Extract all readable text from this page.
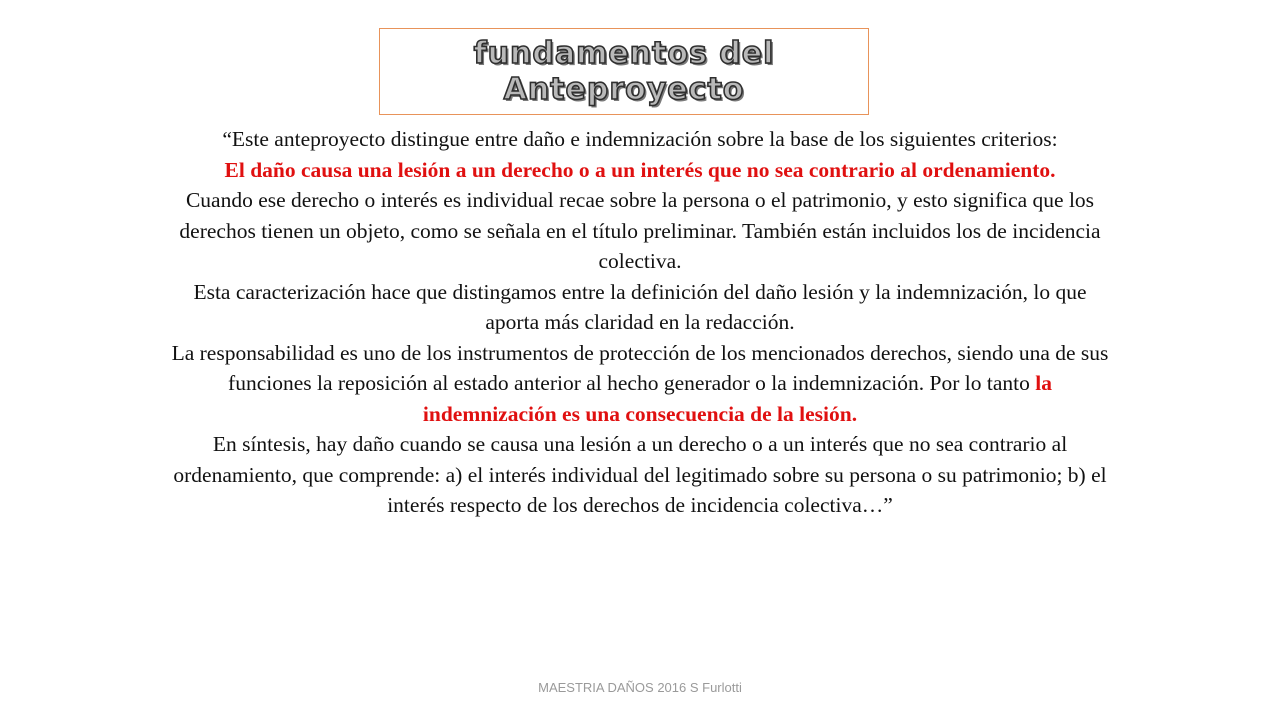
fundamentos del
Anteproyecto

“Este anteproyecto distingue entre daño e indemnización sobre la base de los siguientes criterios:

El daño causa una lesión a un derecho o a un interés que no sea contrario al ordenamiento.

Cuando ese derecho o interés es individual recae sobre la persona o el patrimonio, y esto significa que los derechos tienen un objeto, como se señala en el título preliminar. También están incluidos los de incidencia colectiva.

Esta caracterización hace que distingamos entre la definición del daño lesión y la indemnización, lo que aporta más claridad en la redacción.

La responsabilidad es uno de los instrumentos de protección de los mencionados derechos, siendo una de sus funciones la reposición al estado anterior al hecho generador o la indemnización. Por lo tanto la indemnización es una consecuencia de la lesión.

En síntesis, hay daño cuando se causa una lesión a un derecho o a un interés que no sea contrario al ordenamiento, que comprende: a) el interés individual del legitimado sobre su persona o su patrimonio; b) el interés respecto de los derechos de incidencia colectiva…”

MAESTRIA DAÑOS 2016 S Furlotti
